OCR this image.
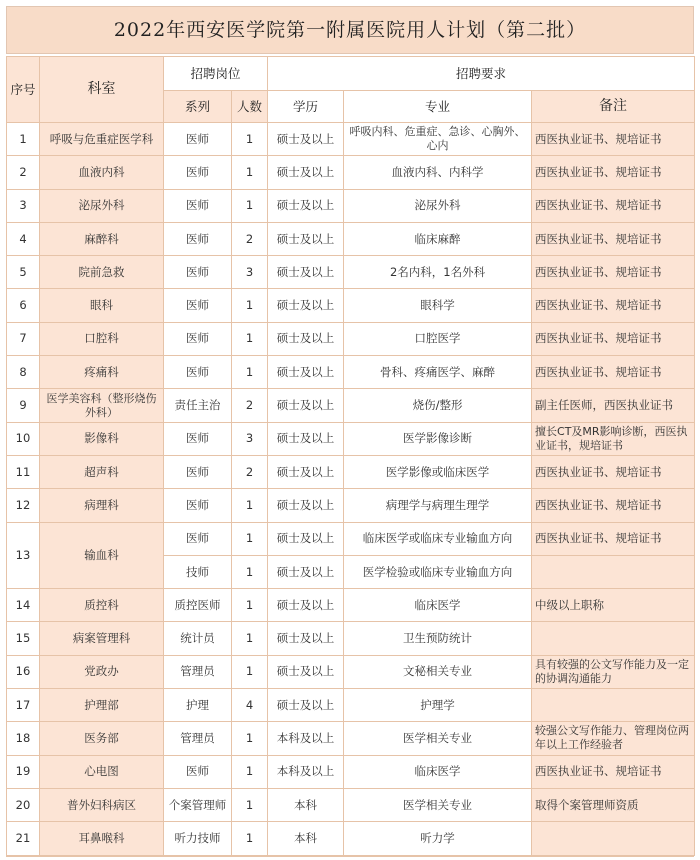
2022年西安医学院第一附属医院用人计划（第二批）
序号	科室	招聘岗位		招聘要求		
		系列	人数	学历	专业	备注
1	呼吸与危重症医学科	医师	1	硕士及以上	呼吸内科、危重症、急诊、心胸外、心内	西医执业证书、规培证书
2	血液内科	医师	1	硕士及以上	血液内科、内科学	西医执业证书、规培证书
3	泌尿外科	医师	1	硕士及以上	泌尿外科	西医执业证书、规培证书
4	麻醉科	医师	2	硕士及以上	临床麻醉	西医执业证书、规培证书
5	院前急救	医师	3	硕士及以上	2名内科，1名外科	西医执业证书、规培证书
6	眼科	医师	1	硕士及以上	眼科学	西医执业证书、规培证书
7	口腔科	医师	1	硕士及以上	口腔医学	西医执业证书、规培证书
8	疼痛科	医师	1	硕士及以上	骨科、疼痛医学、麻醉	西医执业证书、规培证书
9	医学美容科（整形烧伤外科）	责任主治	2	硕士及以上	烧伤/整形	副主任医师，西医执业证书
10	影像科	医师	3	硕士及以上	医学影像诊断	擅长CT及MR影响诊断，西医执业证书，规培证书
11	超声科	医师	2	硕士及以上	医学影像或临床医学	西医执业证书、规培证书
12	病理科	医师	1	硕士及以上	病理学与病理生理学	西医执业证书、规培证书
13	输血科	医师	1	硕士及以上	临床医学或临床专业输血方向	西医执业证书、规培证书
		技师	1	硕士及以上	医学检验或临床专业输血方向	
14	质控科	质控医师	1	硕士及以上	临床医学	中级以上职称
15	病案管理科	统计员	1	硕士及以上	卫生预防统计	
16	党政办	管理员	1	硕士及以上	文秘相关专业	具有较强的公文写作能力及一定的协调沟通能力
17	护理部	护理	4	硕士及以上	护理学	
18	医务部	管理员	1	本科及以上	医学相关专业	较强公文写作能力、管理岗位两年以上工作经验者
19	心电图	医师	1	本科及以上	临床医学	西医执业证书、规培证书
20	普外妇科病区	个案管理师	1	本科	医学相关专业	取得个案管理师资质
21	耳鼻喉科	听力技师	1	本科	听力学	
